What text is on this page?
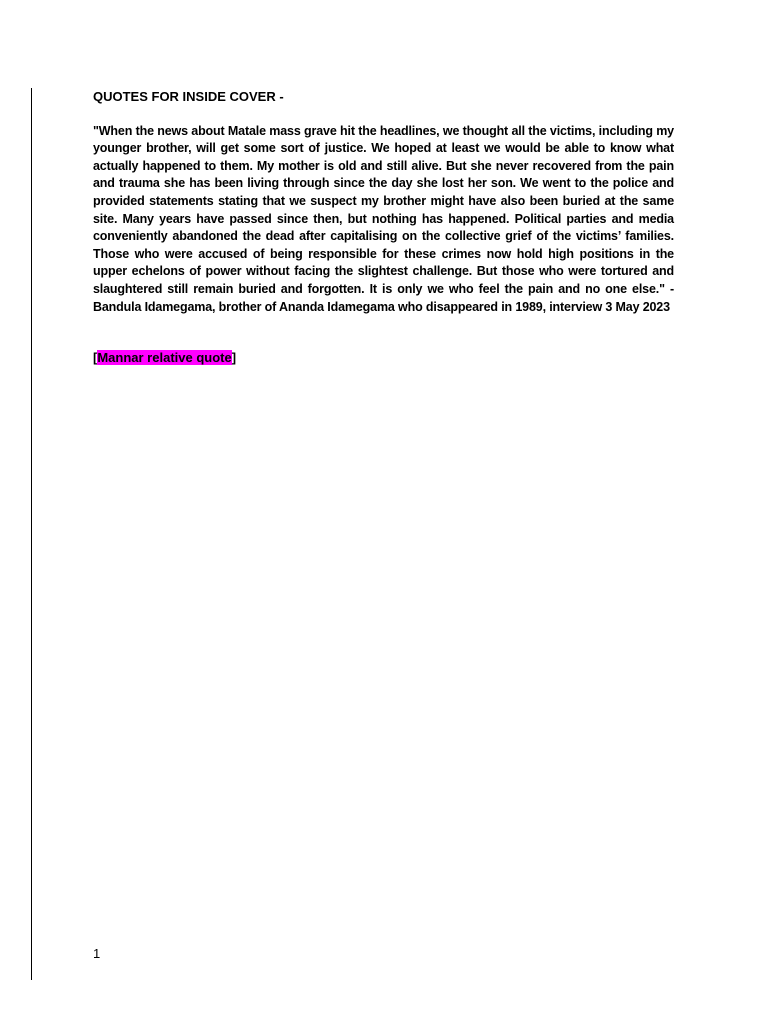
QUOTES FOR INSIDE COVER -

"When the news about Matale mass grave hit the headlines, we thought all the victims, including my younger brother, will get some sort of justice. We hoped at least we would be able to know what actually happened to them. My mother is old and still alive. But she never recovered from the pain and trauma she has been living through since the day she lost her son. We went to the police and provided statements stating that we suspect my brother might have also been buried at the same site. Many years have passed since then, but nothing has happened. Political parties and media conveniently abandoned the dead after capitalising on the collective grief of the victims’ families. Those who were accused of being responsible for these crimes now hold high positions in the upper echelons of power without facing the slightest challenge. But those who were tortured and slaughtered still remain buried and forgotten. It is only we who feel the pain and no one else." - Bandula Idamegama, brother of Ananda Idamegama who disappeared in 1989, interview 3 May 2023

[Mannar relative quote]

1
